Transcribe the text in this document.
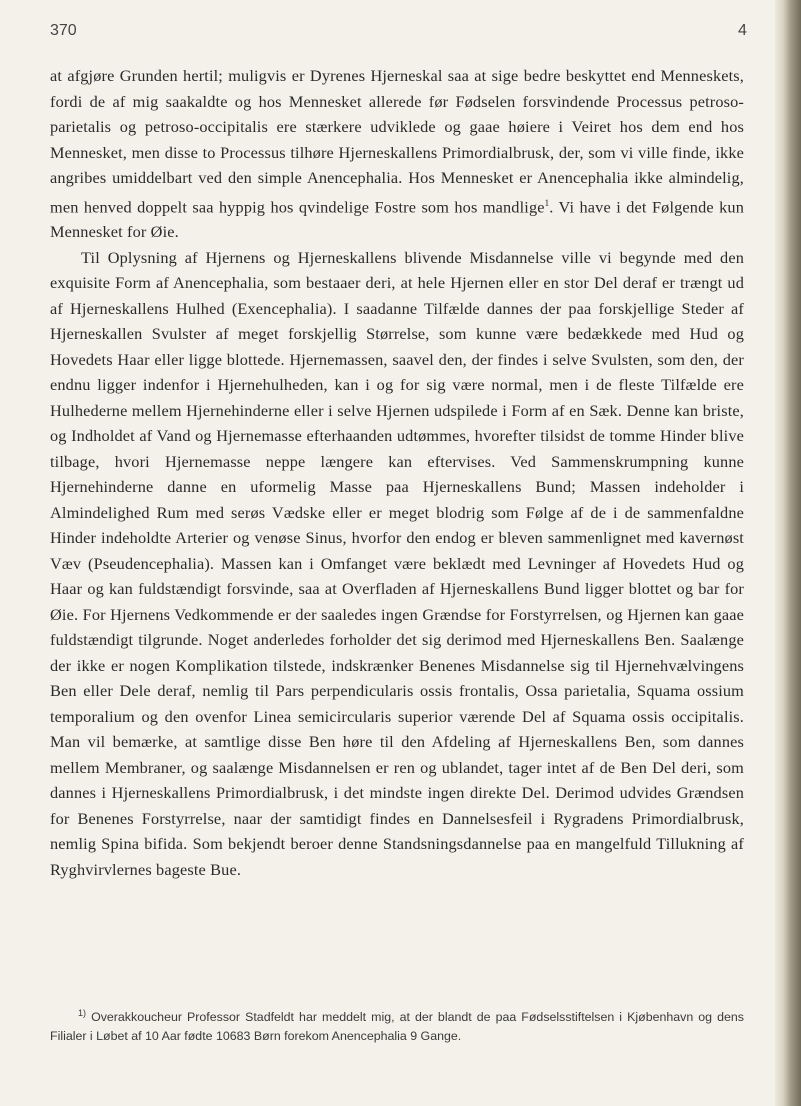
370	4

at afgjøre Grunden hertil; muligvis er Dyrenes Hjerneskal saa at sige bedre beskyttet end Menneskets, fordi de af mig saakaldte og hos Mennesket allerede før Fødselen forsvindende Processus petroso-parietalis og petroso-occipitalis ere stærkere udviklede og gaae høiere i Veiret hos dem end hos Mennesket, men disse to Processus tilhøre Hjerneskallens Primordialbrusk, der, som vi ville finde, ikke angribes umiddelbart ved den simple Anencephalia. Hos Mennesket er Anencephalia ikke almindelig, men henved doppelt saa hyppig hos qvindelige Fostre som hos mandlige$^1$. Vi have i det Følgende kun Mennesket for Øie.

Til Oplysning af Hjernens og Hjerneskallens blivende Misdannelse ville vi begynde med den exquisite Form af Anencephalia, som bestaaer deri, at hele Hjernen eller en stor Del deraf er trængt ud af Hjerneskallens Hulhed (Exencephalia). I saadanne Tilfælde dannes der paa forskjellige Steder af Hjerneskallen Svulster af meget forskjellig Størrelse, som kunne være bedækkede med Hud og Hovedets Haar eller ligge blottede. Hjernemassen, saavel den, der findes i selve Svulsten, som den, der endnu ligger indenfor i Hjernehulheden, kan i og for sig være normal, men i de fleste Tilfælde ere Hulhederne mellem Hjernehinderne eller i selve Hjernen udspilede i Form af en Sæk. Denne kan briste, og Indholdet af Vand og Hjernemasse efterhaanden udtømmes, hvorefter tilsidst de tomme Hinder blive tilbage, hvori Hjernemasse neppe længere kan eftervises. Ved Sammenskrumpning kunne Hjernehinderne danne en uformelig Masse paa Hjerneskallens Bund; Massen indeholder i Almindelighed Rum med serøs Vædske eller er meget blodrig som Følge af de i de sammenfaldne Hinder indeholdte Arterier og venøse Sinus, hvorfor den endog er bleven sammenlignet med kavernøst Væv (Pseudencephalia). Massen kan i Omfanget være beklædt med Levninger af Hovedets Hud og Haar og kan fuldstændigt forsvinde, saa at Overfladen af Hjerneskallens Bund ligger blottet og bar for Øie. For Hjernens Vedkommende er der saaledes ingen Grændse for Forstyrrelsen, og Hjernen kan gaae fuldstændigt tilgrunde. Noget anderledes forholder det sig derimod med Hjerneskallens Ben. Saalænge der ikke er nogen Komplikation tilstede, indskrænker Benenes Misdannelse sig til Hjernehvælvingens Ben eller Dele deraf, nemlig til Pars perpendicularis ossis frontalis, Ossa parietalia, Squama ossium temporalium og den ovenfor Linea semicircularis superior værende Del af Squama ossis occipitalis. Man vil bemærke, at samtlige disse Ben høre til den Afdeling af Hjerneskallens Ben, som dannes mellem Membraner, og saalænge Misdannelsen er ren og ublandet, tager intet af de Ben Del deri, som dannes i Hjerneskallens Primordialbrusk, i det mindste ingen direkte Del. Derimod udvides Grændsen for Benenes Forstyrrelse, naar der samtidigt findes en Dannelsesfeil i Rygradens Primordialbrusk, nemlig Spina bifida. Som bekjendt beroer denne Standsningsdannelse paa en mangelfuld Tillukning af Ryghvirvlernes bageste Bue.

$^{1)}$ Overakkoucheur Professor Stadfeldt har meddelt mig, at der blandt de paa Fødselsstiftelsen i Kjøbenhavn og dens Filialer i Løbet af 10 Aar fødte 10683 Børn forekom Anencephalia 9 Gange.
